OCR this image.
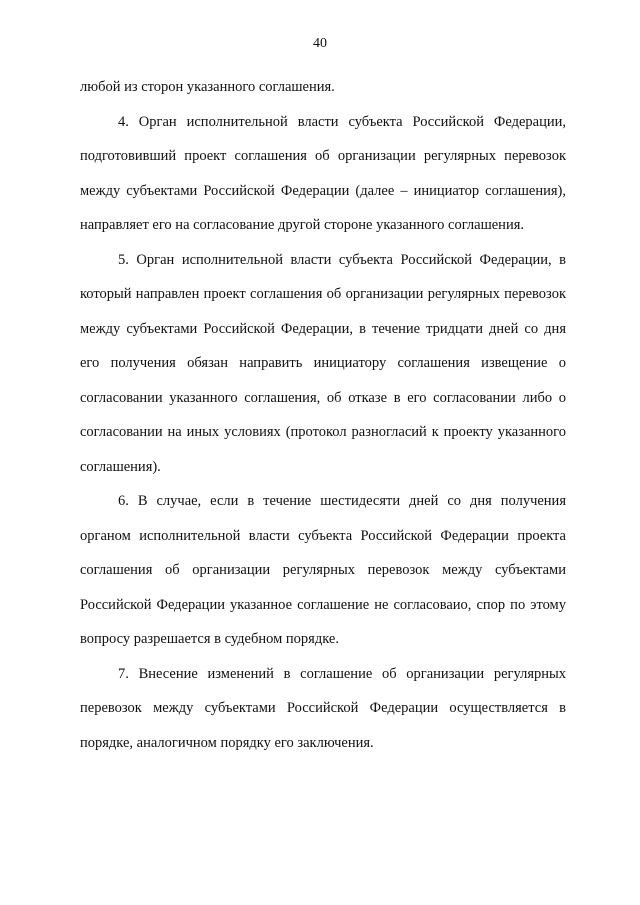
40

любой из сторон указанного соглашения.

4. Орган исполнительной власти субъекта Российской Федерации, подготовивший проект соглашения об организации регулярных перевозок между субъектами Российской Федерации (далее – инициатор соглашения), направляет его на согласование другой стороне указанного соглашения.

5. Орган исполнительной власти субъекта Российской Федерации, в который направлен проект соглашения об организации регулярных перевозок между субъектами Российской Федерации, в течение тридцати дней со дня его получения обязан направить инициатору соглашения извещение о согласовании указанного соглашения, об отказе в его согласовании либо о согласовании на иных условиях (протокол разногласий к проекту указанного соглашения).

6. В случае, если в течение шестидесяти дней со дня получения органом исполнительной власти субъекта Российской Федерации проекта соглашения об организации регулярных перевозок между субъектами Российской Федерации указанное соглашение не согласоваио, спор по этому вопросу разрешается в судебном порядке.

7. Внесение изменений в соглашение об организации регулярных перевозок между субъектами Российской Федерации осуществляется в порядке, аналогичном порядку его заключения.
